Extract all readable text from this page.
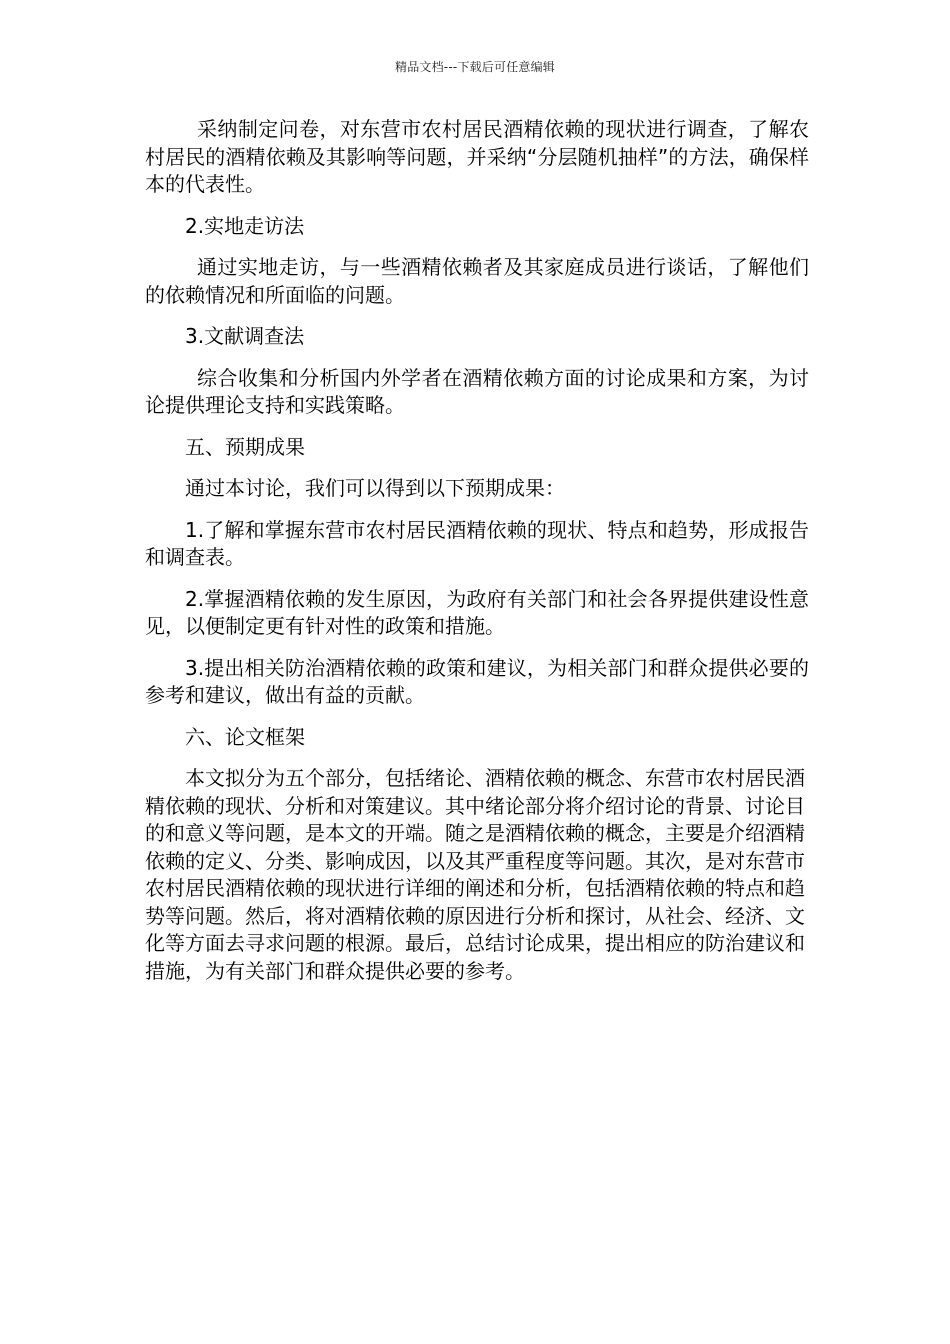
精品文档---下载后可任意编辑

采纳制定问卷，对东营市农村居民酒精依赖的现状进行调查，了解农村居民的酒精依赖及其影响等问题，并采纳“分层随机抽样”的方法，确保样本的代表性。

2.实地走访法

通过实地走访，与一些酒精依赖者及其家庭成员进行谈话，了解他们的依赖情况和所面临的问题。

3.文献调查法

综合收集和分析国内外学者在酒精依赖方面的讨论成果和方案，为讨论提供理论支持和实践策略。

五、预期成果

通过本讨论，我们可以得到以下预期成果：

1.了解和掌握东营市农村居民酒精依赖的现状、特点和趋势，形成报告和调查表。

2.掌握酒精依赖的发生原因，为政府有关部门和社会各界提供建设性意见，以便制定更有针对性的政策和措施。

3.提出相关防治酒精依赖的政策和建议，为相关部门和群众提供必要的参考和建议，做出有益的贡献。

六、论文框架

本文拟分为五个部分，包括绪论、酒精依赖的概念、东营市农村居民酒精依赖的现状、分析和对策建议。其中绪论部分将介绍讨论的背景、讨论目的和意义等问题，是本文的开端。随之是酒精依赖的概念，主要是介绍酒精依赖的定义、分类、影响成因，以及其严重程度等问题。其次，是对东营市农村居民酒精依赖的现状进行详细的阐述和分析，包括酒精依赖的特点和趋势等问题。然后，将对酒精依赖的原因进行分析和探讨，从社会、经济、文化等方面去寻求问题的根源。最后，总结讨论成果，提出相应的防治建议和措施，为有关部门和群众提供必要的参考。
